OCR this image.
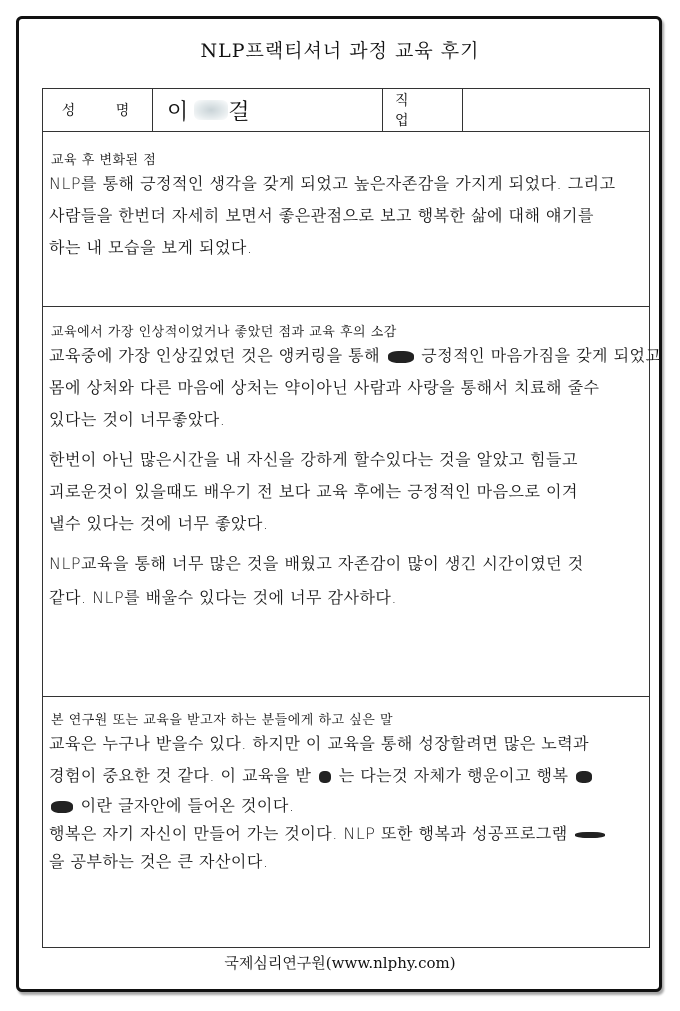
NLP프랙티셔너 과정 교육 후기
성 명 이 걸	직 업
교육 후 변화된 점
NLP를 통해 긍정적인 생각을 갖게 되었고 높은자존감을 가지게 되었다. 그리고
사람들을 한번더 자세히 보면서 좋은관점으로 보고 행복한 삶에 대해 얘기를
하는 내 모습을 보게 되었다.
교육에서 가장 인상적이었거나 좋았던 점과 교육 후의 소감
교육중에 가장 인상깊었던 것은 앵커링을 통해	긍정적인 마음가짐을 갖게 되었고
몸에 상처와 다른 마음에 상처는 약이아닌 사람과 사랑을 통해서 치료해 줄수
있다는 것이 너무좋았다.
한번이 아닌 많은시간을 내 자신을 강하게 할수있다는 것을 알았고 힘들고
괴로운것이 있을때도 배우기 전 보다 교육 후에는 긍정적인 마음으로 이겨
낼수 있다는 것에 너무 좋았다.
NLP교육을 통해 너무 많은 것을 배웠고 자존감이 많이 생긴 시간이였던 것
같다. NLP를 배울수 있다는 것에 너무 감사하다.
본 연구원 또는 교육을 받고자 하는 분들에게 하고 싶은 말
교육은 누구나 받을수 있다. 하지만 이 교육을 통해 성장할려면 많은 노력과
경험이 중요한 것 같다. 이 교육을 받 는 다는것 자체가 행운이고 행복
이란 글자안에 들어온 것이다.
행복은 자기 자신이 만들어 가는 것이다. NLP 또한 행복과 성공프로그램
을 공부하는 것은 큰 자산이다.
국제심리연구원(www.nlphy.com)
